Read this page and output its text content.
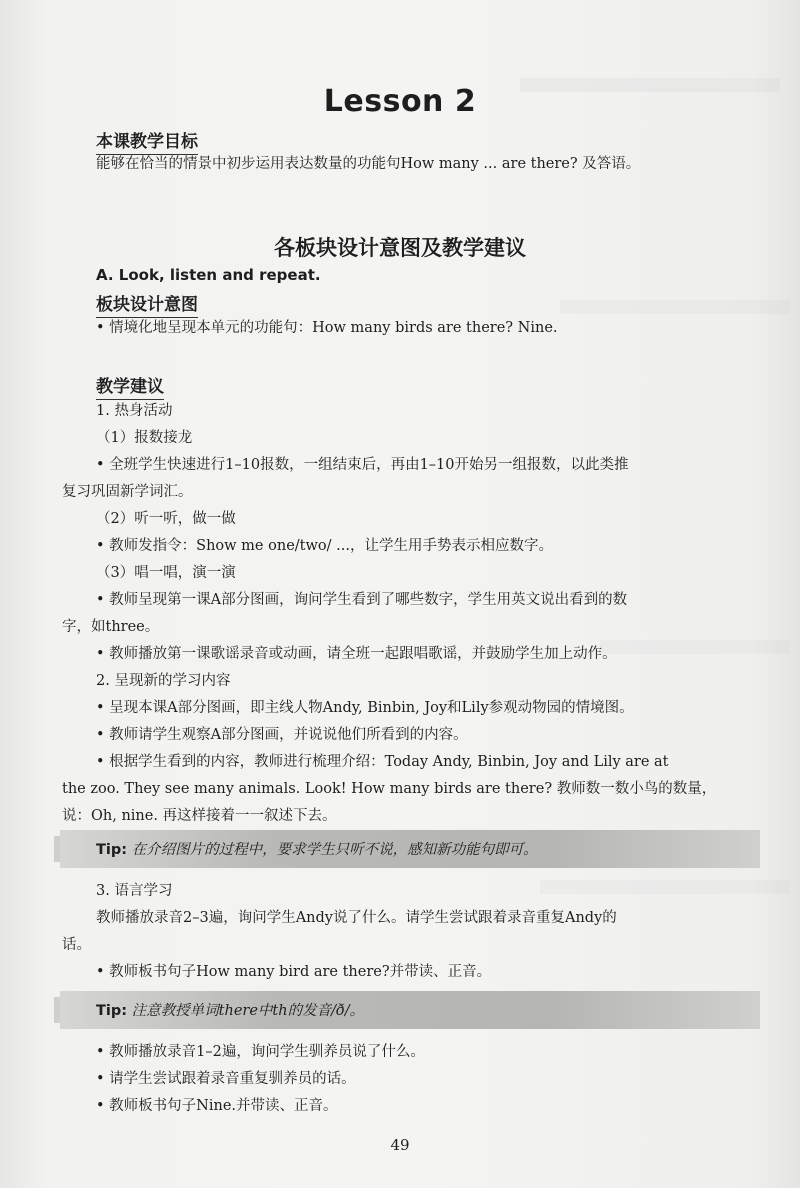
Lesson 2
本课教学目标
能够在恰当的情景中初步运用表达数量的功能句How many ... are there? 及答语。
各板块设计意图及教学建议
A. Look, listen and repeat.
板块设计意图
• 情境化地呈现本单元的功能句：How many birds are there? Nine.
教学建议
1. 热身活动
（1）报数接龙
• 全班学生快速进行1–10报数，一组结束后，再由1–10开始另一组报数，以此类推
复习巩固新学词汇。
（2）听一听，做一做
• 教师发指令：Show me one/two/ ...，让学生用手势表示相应数字。
（3）唱一唱，演一演
• 教师呈现第一课A部分图画，询问学生看到了哪些数字，学生用英文说出看到的数
字，如three。
• 教师播放第一课歌谣录音或动画，请全班一起跟唱歌谣，并鼓励学生加上动作。
2. 呈现新的学习内容
• 呈现本课A部分图画，即主线人物Andy, Binbin, Joy和Lily参观动物园的情境图。
• 教师请学生观察A部分图画，并说说他们所看到的内容。
• 根据学生看到的内容，教师进行梳理介绍：Today Andy, Binbin, Joy and Lily are at
the zoo. They see many animals. Look! How many birds are there? 教师数一数小鸟的数量，
说：Oh, nine. 再这样接着一一叙述下去。
Tip: 在介绍图片的过程中，要求学生只听不说，感知新功能句即可。
3. 语言学习
教师播放录音2–3遍，询问学生Andy说了什么。请学生尝试跟着录音重复Andy的
话。
• 教师板书句子How many bird are there?并带读、正音。
Tip: 注意教授单词there中th的发音/ð/。
• 教师播放录音1–2遍，询问学生驯养员说了什么。
• 请学生尝试跟着录音重复驯养员的话。
• 教师板书句子Nine.并带读、正音。
49
